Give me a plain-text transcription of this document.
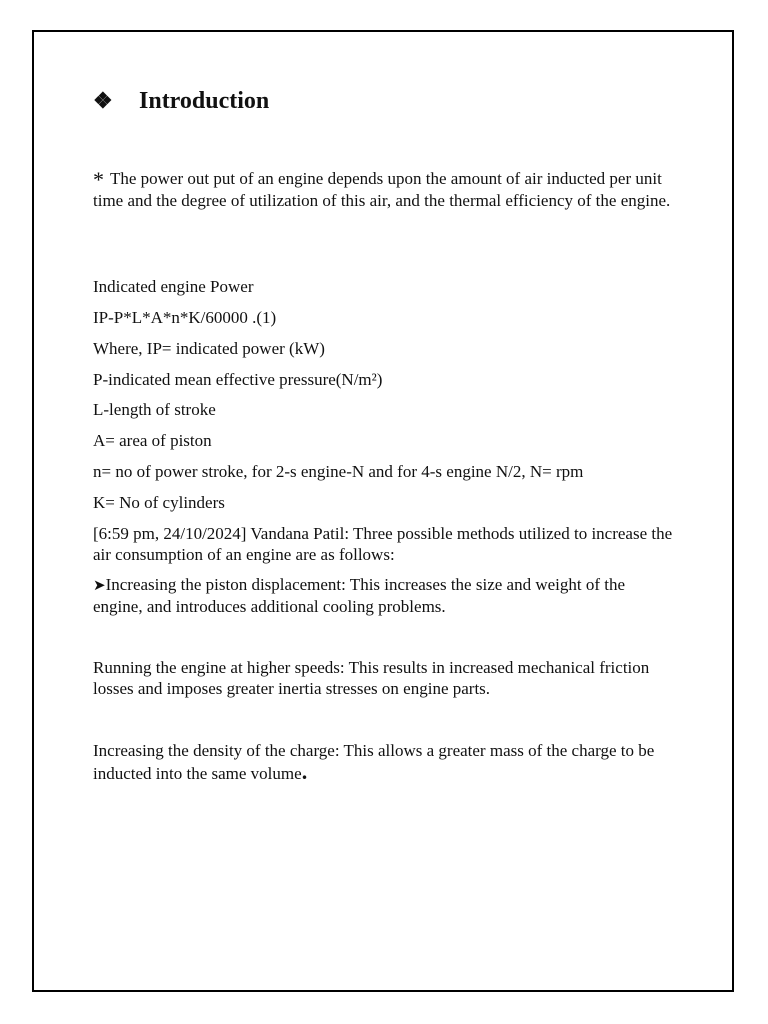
❖	Introduction
* The power out put of an engine depends upon the amount of air inducted per unit time and the degree of utilization of this air, and the thermal efficiency of the engine.
Indicated engine Power
IP-P*L*A*n*K/60000 .(1)
Where, IP= indicated power (kW)
P-indicated mean effective pressure(N/m²)
L-length of stroke
A= area of piston
n= no of power stroke, for 2-s engine-N and for 4-s engine N/2, N= rpm
K= No of cylinders
[6:59 pm, 24/10/2024] Vandana Patil: Three possible methods utilized to increase the air consumption of an engine are as follows:
➤Increasing the piston displacement: This increases the size and weight of the engine, and introduces additional cooling problems.
Running the engine at higher speeds: This results in increased mechanical friction losses and imposes greater inertia stresses on engine parts.
Increasing the density of the charge: This allows a greater mass of the charge to be inducted into the same volume.
